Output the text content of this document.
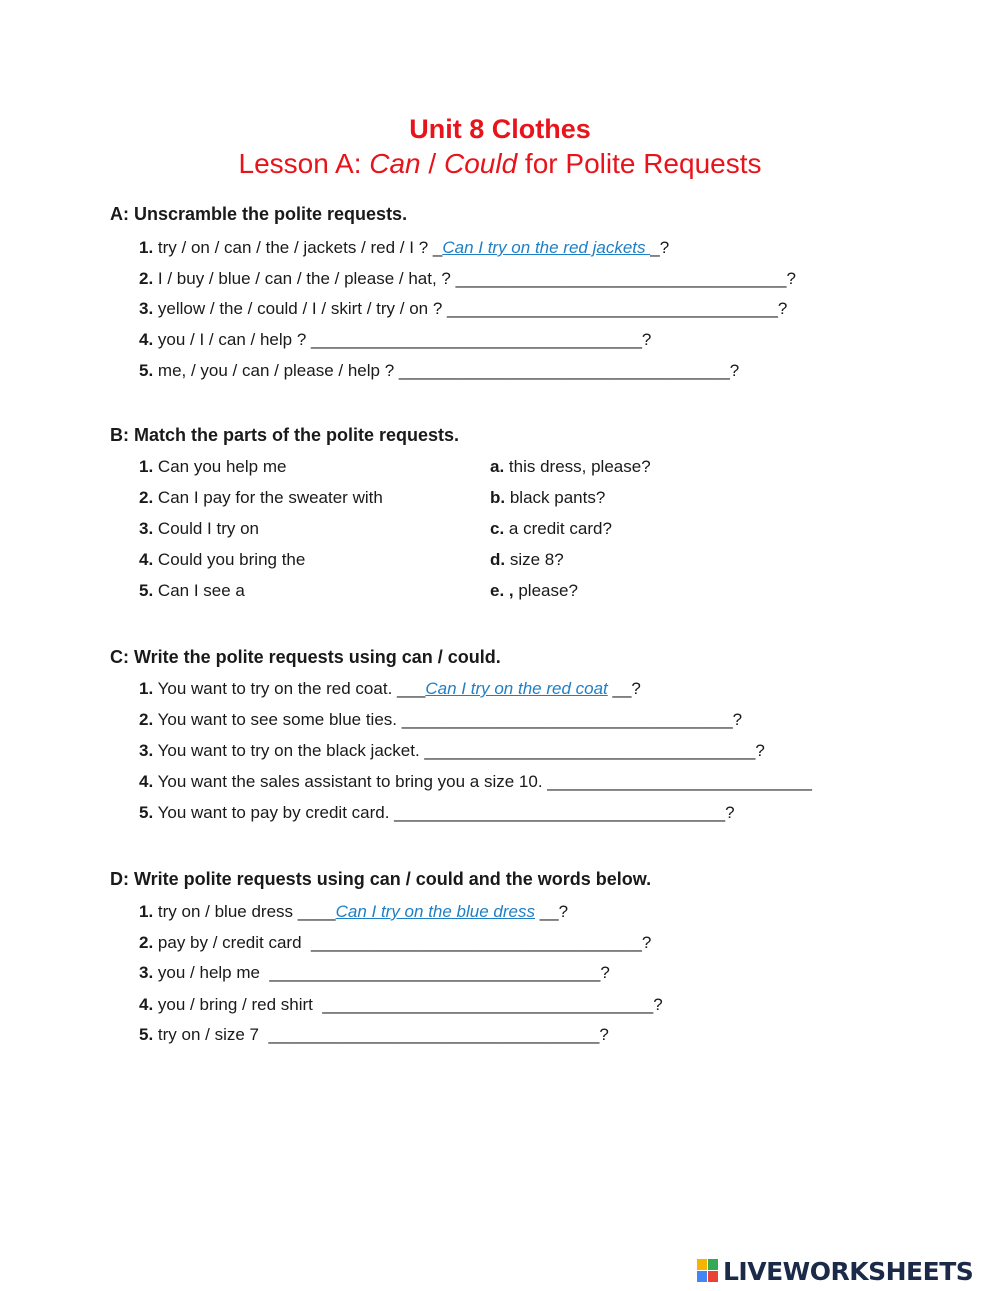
Unit 8 Clothes
Lesson A: Can / Could for Polite Requests
A: Unscramble the polite requests.
1. try / on / can / the / jackets / red / I ? _Can I try on the red jackets _?
2. I / buy / blue / can / the / please / hat, ? ___________________________________?
3. yellow / the / could / I / skirt / try / on ? ___________________________________?
4. you / I / can / help ? ___________________________________?
5. me, / you / can / please / help ? ___________________________________?
B: Match the parts of the polite requests.
1. Can you help me
2. Can I pay for the sweater with
3. Could I try on
4. Could you bring the
5. Can I see a
a. this dress, please?
b. black pants?
c. a credit card?
d. size 8?
e. , please?
C: Write the polite requests using can / could.
1. You want to try on the red coat. ___Can I try on the red coat __?
2. You want to see some blue ties. ___________________________________?
3. You want to try on the black jacket. ___________________________________?
4. You want the sales assistant to bring you a size 10. ____________________________
5. You want to pay by credit card. ___________________________________?
D: Write polite requests using can / could and the words below.
1. try on / blue dress ____Can I try on the blue dress __?
2. pay by / credit card  ___________________________________?
3. you / help me  ___________________________________?
4. you / bring / red shirt  ___________________________________?
5. try on / size 7  ___________________________________?
LIVEWORKSHEETS
